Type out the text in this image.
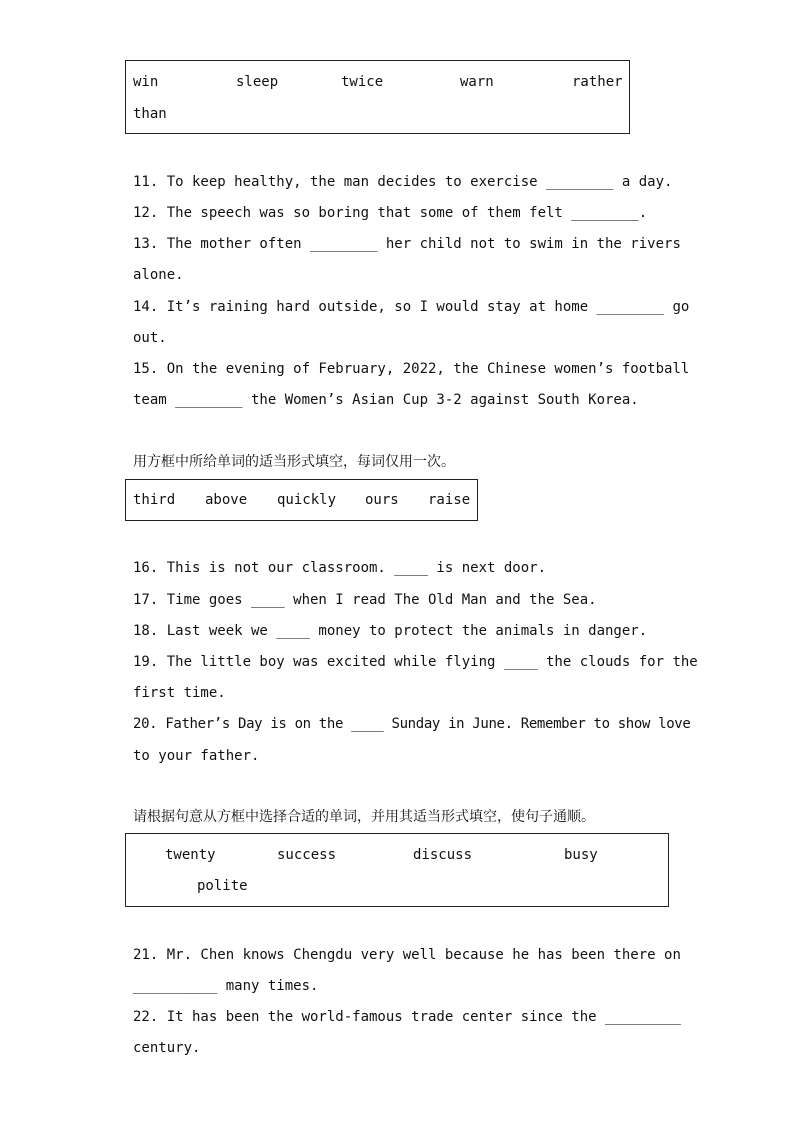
win	sleep	twice	warn	rather
than
11. To keep healthy, the man decides to exercise ________ a day.
12. The speech was so boring that some of them felt ________.
13. The mother often ________ her child not to swim in the rivers
alone.
14. It’s raining hard outside, so I would stay at home ________ go
out.
15. On the evening of February, 2022, the Chinese women’s football
team ________ the Women’s Asian Cup 3-2 against South Korea.
用方框中所给单词的适当形式填空，每词仅用一次。
third above quickly ours raise
16. This is not our classroom. ____ is next door.
17. Time goes ____ when I read The Old Man and the Sea.
18. Last week we ____ money to protect the animals in danger.
19. The little boy was excited while flying ____ the clouds for the
first time.
20. Father’s Day is on the ____ Sunday in June. Remember to show love
to your father.
请根据句意从方框中选择合适的单词，并用其适当形式填空，使句子通顺。
twenty	success	discuss	busy
polite
21. Mr. Chen knows Chengdu very well because he has been there on
__________ many times.
22. It has been the world-famous trade center since the _________
century.
